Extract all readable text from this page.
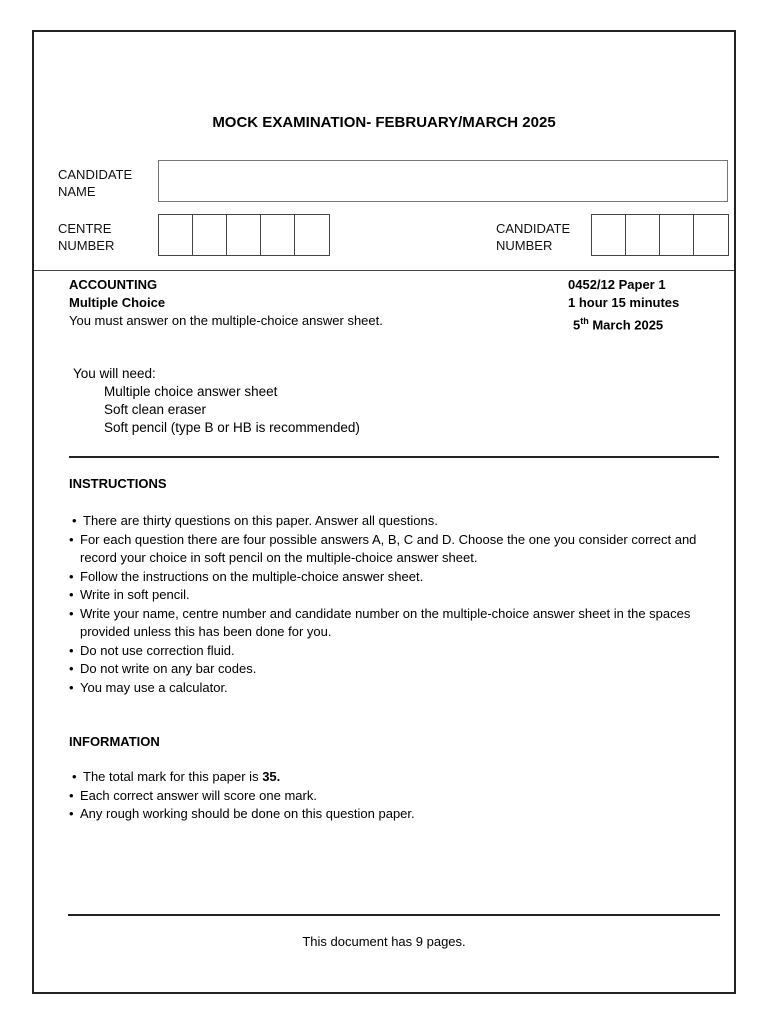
MOCK EXAMINATION- FEBRUARY/MARCH 2025
CANDIDATE
NAME
CENTRE
NUMBER
CANDIDATE
NUMBER
ACCOUNTING
Multiple Choice
You must answer on the multiple-choice answer sheet.
0452/12 Paper 1
1 hour 15 minutes
5th March 2025
You will need:
Multiple choice answer sheet
Soft clean eraser
Soft pencil (type B or HB is recommended)
INSTRUCTIONS
• There are thirty questions on this paper. Answer all questions.
• For each question there are four possible answers A, B, C and D. Choose the one you consider correct and record your choice in soft pencil on the multiple-choice answer sheet.
• Follow the instructions on the multiple-choice answer sheet.
• Write in soft pencil.
• Write your name, centre number and candidate number on the multiple-choice answer sheet in the spaces provided unless this has been done for you.
• Do not use correction fluid.
• Do not write on any bar codes.
• You may use a calculator.
INFORMATION
• The total mark for this paper is 35.
• Each correct answer will score one mark.
• Any rough working should be done on this question paper.
This document has 9 pages.
